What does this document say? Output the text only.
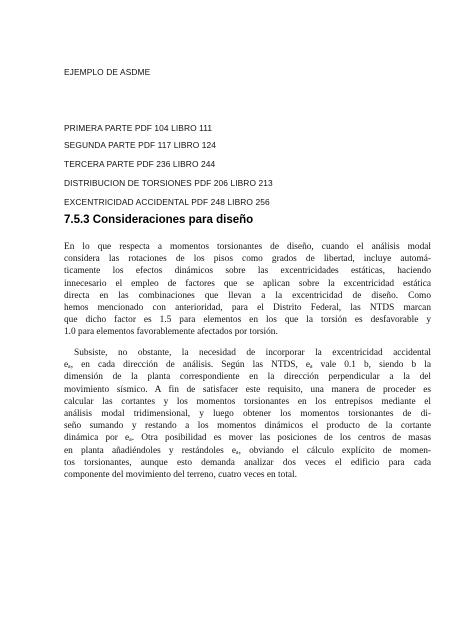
EJEMPLO DE ASDME
PRIMERA PARTE PDF 104 LIBRO 111
SEGUNDA PARTE PDF 117 LIBRO 124
TERCERA PARTE PDF 236 LIBRO 244
DISTRIBUCION DE TORSIONES PDF 206 LIBRO 213
EXCENTRICIDAD ACCIDENTAL PDF 248 LIBRO 256
7.5.3 Consideraciones para diseño
En lo que respecta a momentos torsionantes de diseño, cuando el análisis modal
considera las rotaciones de los pisos como grados de libertad, incluye automá-
ticamente los efectos dinámicos sobre las excentricidades estáticas, haciendo
innecesario el empleo de factores que se aplican sobre la excentricidad estática
directa en las combinaciones que llevan a la excentricidad de diseño. Como
hemos mencionado con anterioridad, para el Distrito Federal, las NTDS marcan
que dicho factor es 1.5 para elementos en los que la torsión es desfavorable y
1.0 para elementos favorablemente afectados por torsión.
Subsiste, no obstante, la necesidad de incorporar la excentricidad accidental
eₐ, en cada dirección de análisis. Según las NTDS, eₐ vale 0.1 b, siendo b la
dimensión de la planta correspondiente en la dirección perpendicular a la del
movimiento sísmico. A fin de satisfacer este requisito, una manera de proceder es
calcular las cortantes y los momentos torsionantes en los entrepisos mediante el
análisis modal tridimensional, y luego obtener los momentos torsionantes de di-
seño sumando y restando a los momentos dinámicos el producto de la cortante
dinámica por eₐ. Otra posibilidad es mover las posiciones de los centros de masas
en planta añadiéndoles y restándoles eₐ, obviando el cálculo explícito de momen-
tos torsionantes, aunque esto demanda analizar dos veces el edificio para cada
componente del movimiento del terreno, cuatro veces en total.
